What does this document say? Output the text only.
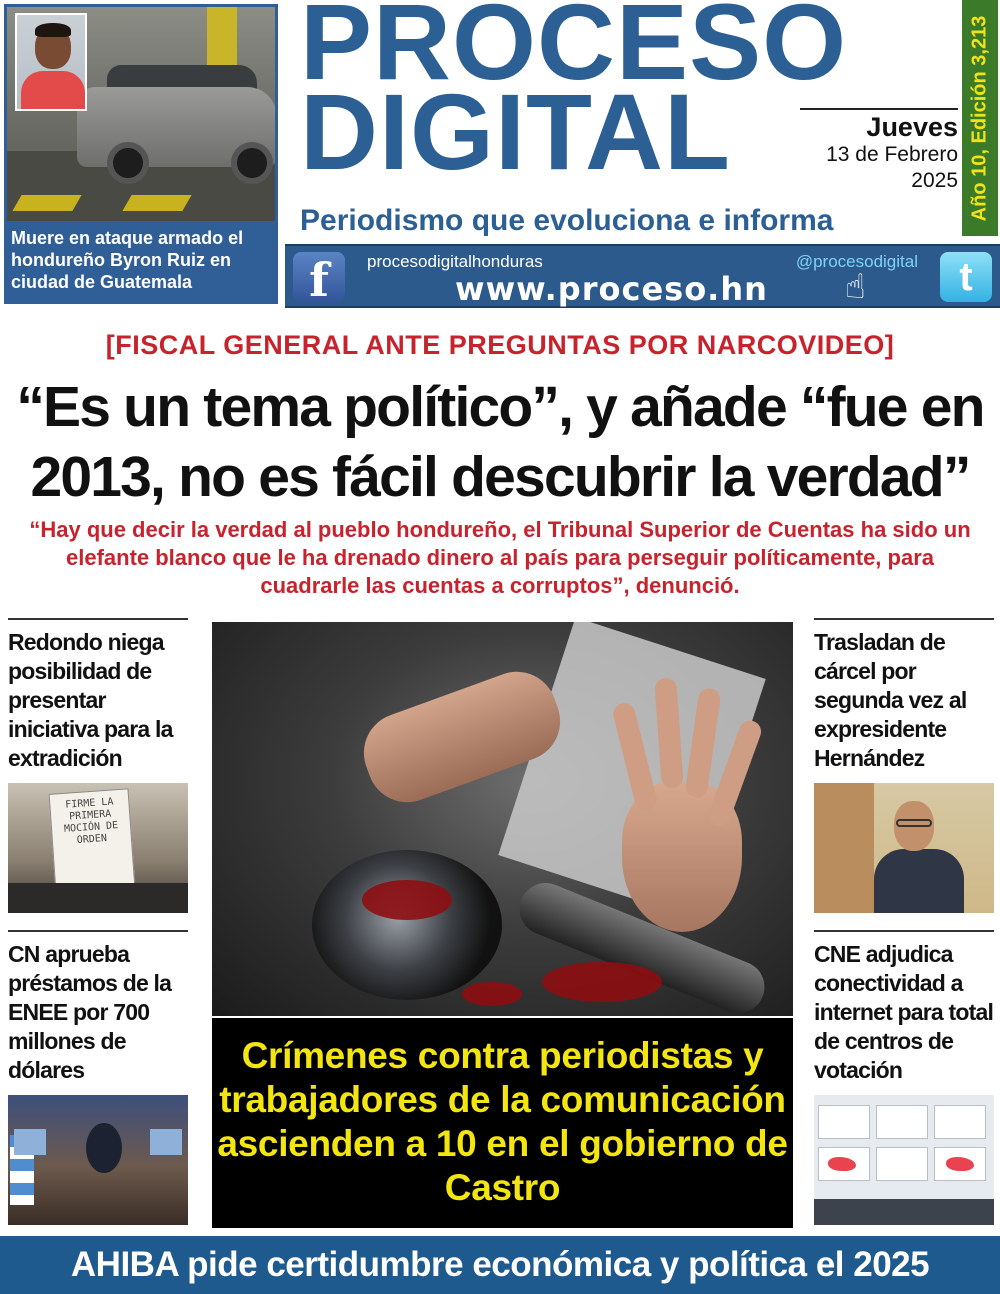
Muere en ataque armado el hondureño Byron Ruiz en ciudad de Guatemala
PROCESO
DIGITAL	Año 10, Edición 3,213
Jueves
13 de Febrero
2025
Periodismo que evoluciona e informa
f	procesodigitalhonduras	@procesodigital
www.proceso.hn ☝	t
[FISCAL GENERAL ANTE PREGUNTAS POR NARCOVIDEO]
“Es un tema político”, y añade “fue en 2013, no es fácil descubrir la verdad”
“Hay que decir la verdad al pueblo hondureño, el Tribunal Superior de Cuentas ha sido un elefante blanco que le ha drenado dinero al país para perseguir políticamente, para cuadrarle las cuentas a corruptos”, denunció.
Redondo niega posibilidad de presentar iniciativa para la extradición
FIRME LA PRIMERA MOCIÓN DE ORDEN
CN aprueba préstamos de la ENEE por 700 millones de dólares
Trasladan de cárcel por segunda vez al expresidente Hernández
CNE adjudica conectividad a internet para total de centros de votación
Crímenes contra periodistas y trabajadores de la comunicación ascienden a 10 en el gobierno de Castro
AHIBA pide certidumbre económica y política el 2025
